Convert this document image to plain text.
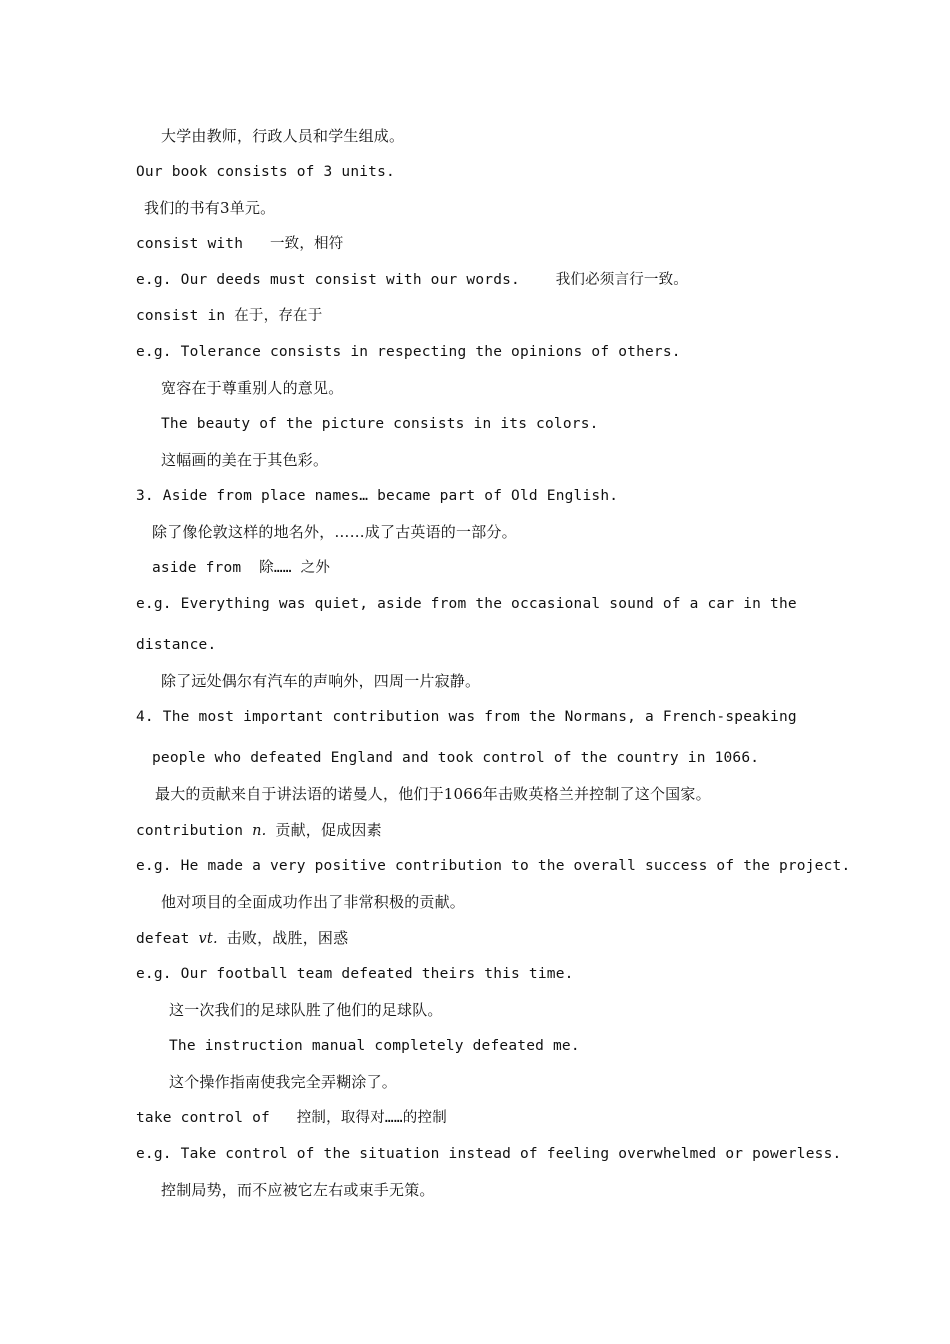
大学由教师，行政人员和学生组成。
Our book consists of 3 units.
我们的书有3单元。
consist with   一致，相符
e.g. Our deeds must consist with our words.    我们必须言行一致。
consist in 在于，存在于
e.g. Tolerance consists in respecting the opinions of others.
宽容在于尊重别人的意见。
The beauty of the picture consists in its colors.
这幅画的美在于其色彩。
3. Aside from place names… became part of Old English.
除了像伦敦这样的地名外，……成了古英语的一部分。
aside from  除…… 之外
e.g. Everything was quiet, aside from the occasional sound of a car in the
distance.
除了远处偶尔有汽车的声响外，四周一片寂静。
4. The most important contribution was from the Normans, a French-speaking
people who defeated England and took control of the country in 1066.
最大的贡献来自于讲法语的诺曼人，他们于1066年击败英格兰并控制了这个国家。
contribution n. 贡献，促成因素
e.g. He made a very positive contribution to the overall success of the project.
他对项目的全面成功作出了非常积极的贡献。
defeat vt. 击败，战胜，困惑
e.g. Our football team defeated theirs this time.
这一次我们的足球队胜了他们的足球队。
The instruction manual completely defeated me.
这个操作指南使我完全弄糊涂了。
take control of   控制，取得对……的控制
e.g. Take control of the situation instead of feeling overwhelmed or powerless.
控制局势，而不应被它左右或束手无策。
